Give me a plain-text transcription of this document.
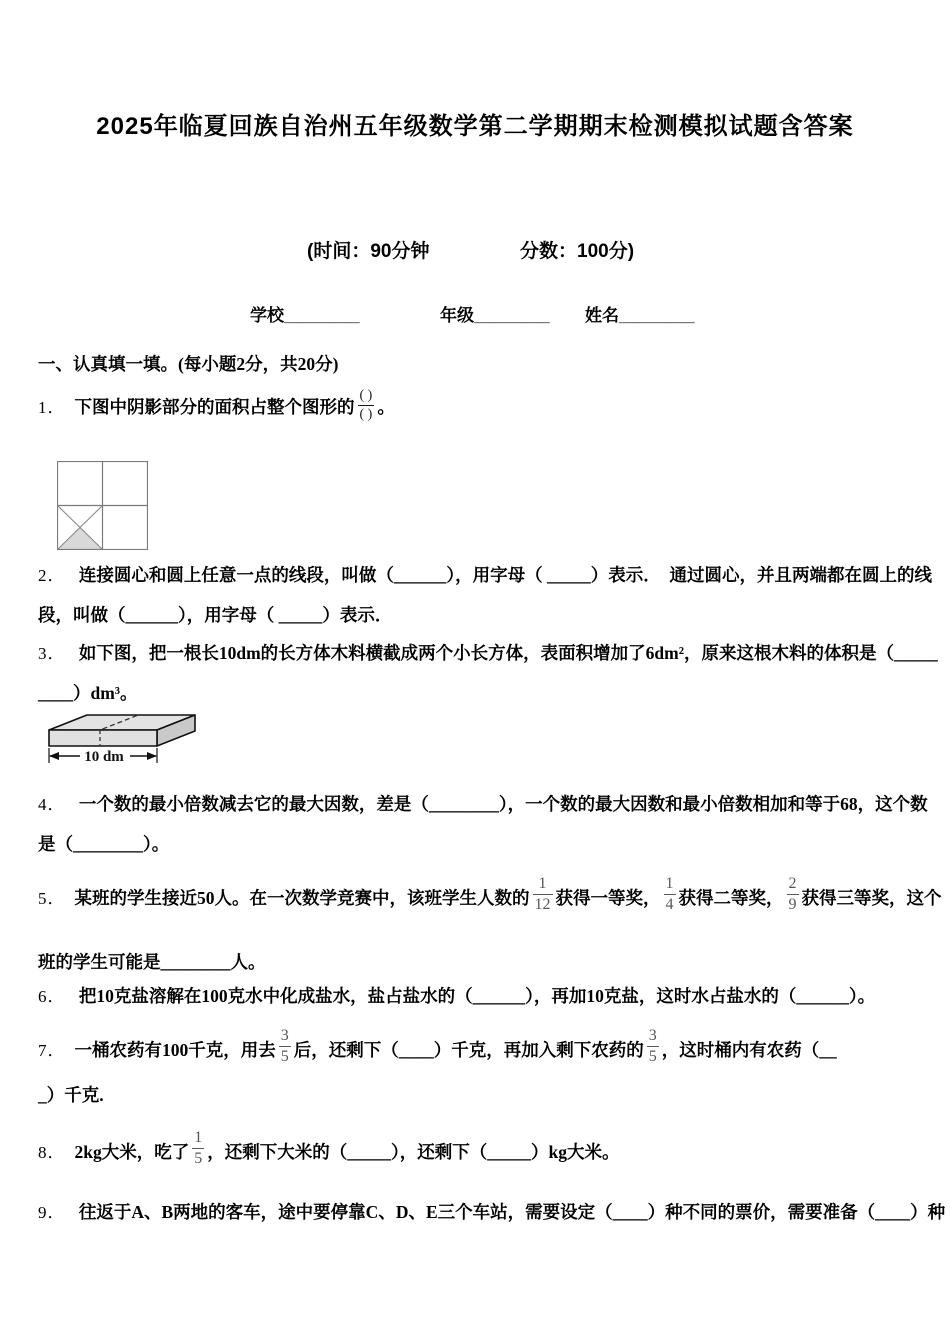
2025年临夏回族自治州五年级数学第二学期期末检测模拟试题含答案
(时间：90分钟	分数：100分)
学校________	年级________ 姓名________
一、认真填一填。(每小题2分，共20分)
1． 下图中阴影部分的面积占整个图形的 $\frac{( )}{( )}$ 。
2． 连接圆心和圆上任意一点的线段，叫做（______），用字母（ _____）表示．　通过圆心，并且两端都在圆上的线
段，叫做（______），用字母（ _____）表示．
3． 如下图，把一根长10dm的长方体木料横截成两个小长方体，表面积增加了6dm²，原来这根木料的体积是（_____
____）dm³。
10 dm
4． 一个数的最小倍数减去它的最大因数，差是（________），一个数的最大因数和最小倍数相加和等于68，这个数
是（________）。
5． 某班的学生接近50人。在一次数学竞赛中，该班学生人数的 $\frac{1}{12}$ 获得一等奖， $\frac{1}{4}$ 获得二等奖， $\frac{2}{9}$ 获得三等奖，这个
班的学生可能是________人。
6． 把10克盐溶解在100克水中化成盐水，盐占盐水的（______），再加10克盐，这时水占盐水的（______）。
7． 一桶农药有100千克，用去 $\frac{3}{5}$ 后，还剩下（____）千克，再加入剩下农药的 $\frac{3}{5}$ ，这时桶内有农药（__
_）千克.
8． 2kg大米，吃了 $\frac{1}{5}$ ，还剩下大米的（_____），还剩下（_____）kg大米。
9． 往返于A、B两地的客车，途中要停靠C、D、E三个车站，需要设定（____）种不同的票价，需要准备（____）种
